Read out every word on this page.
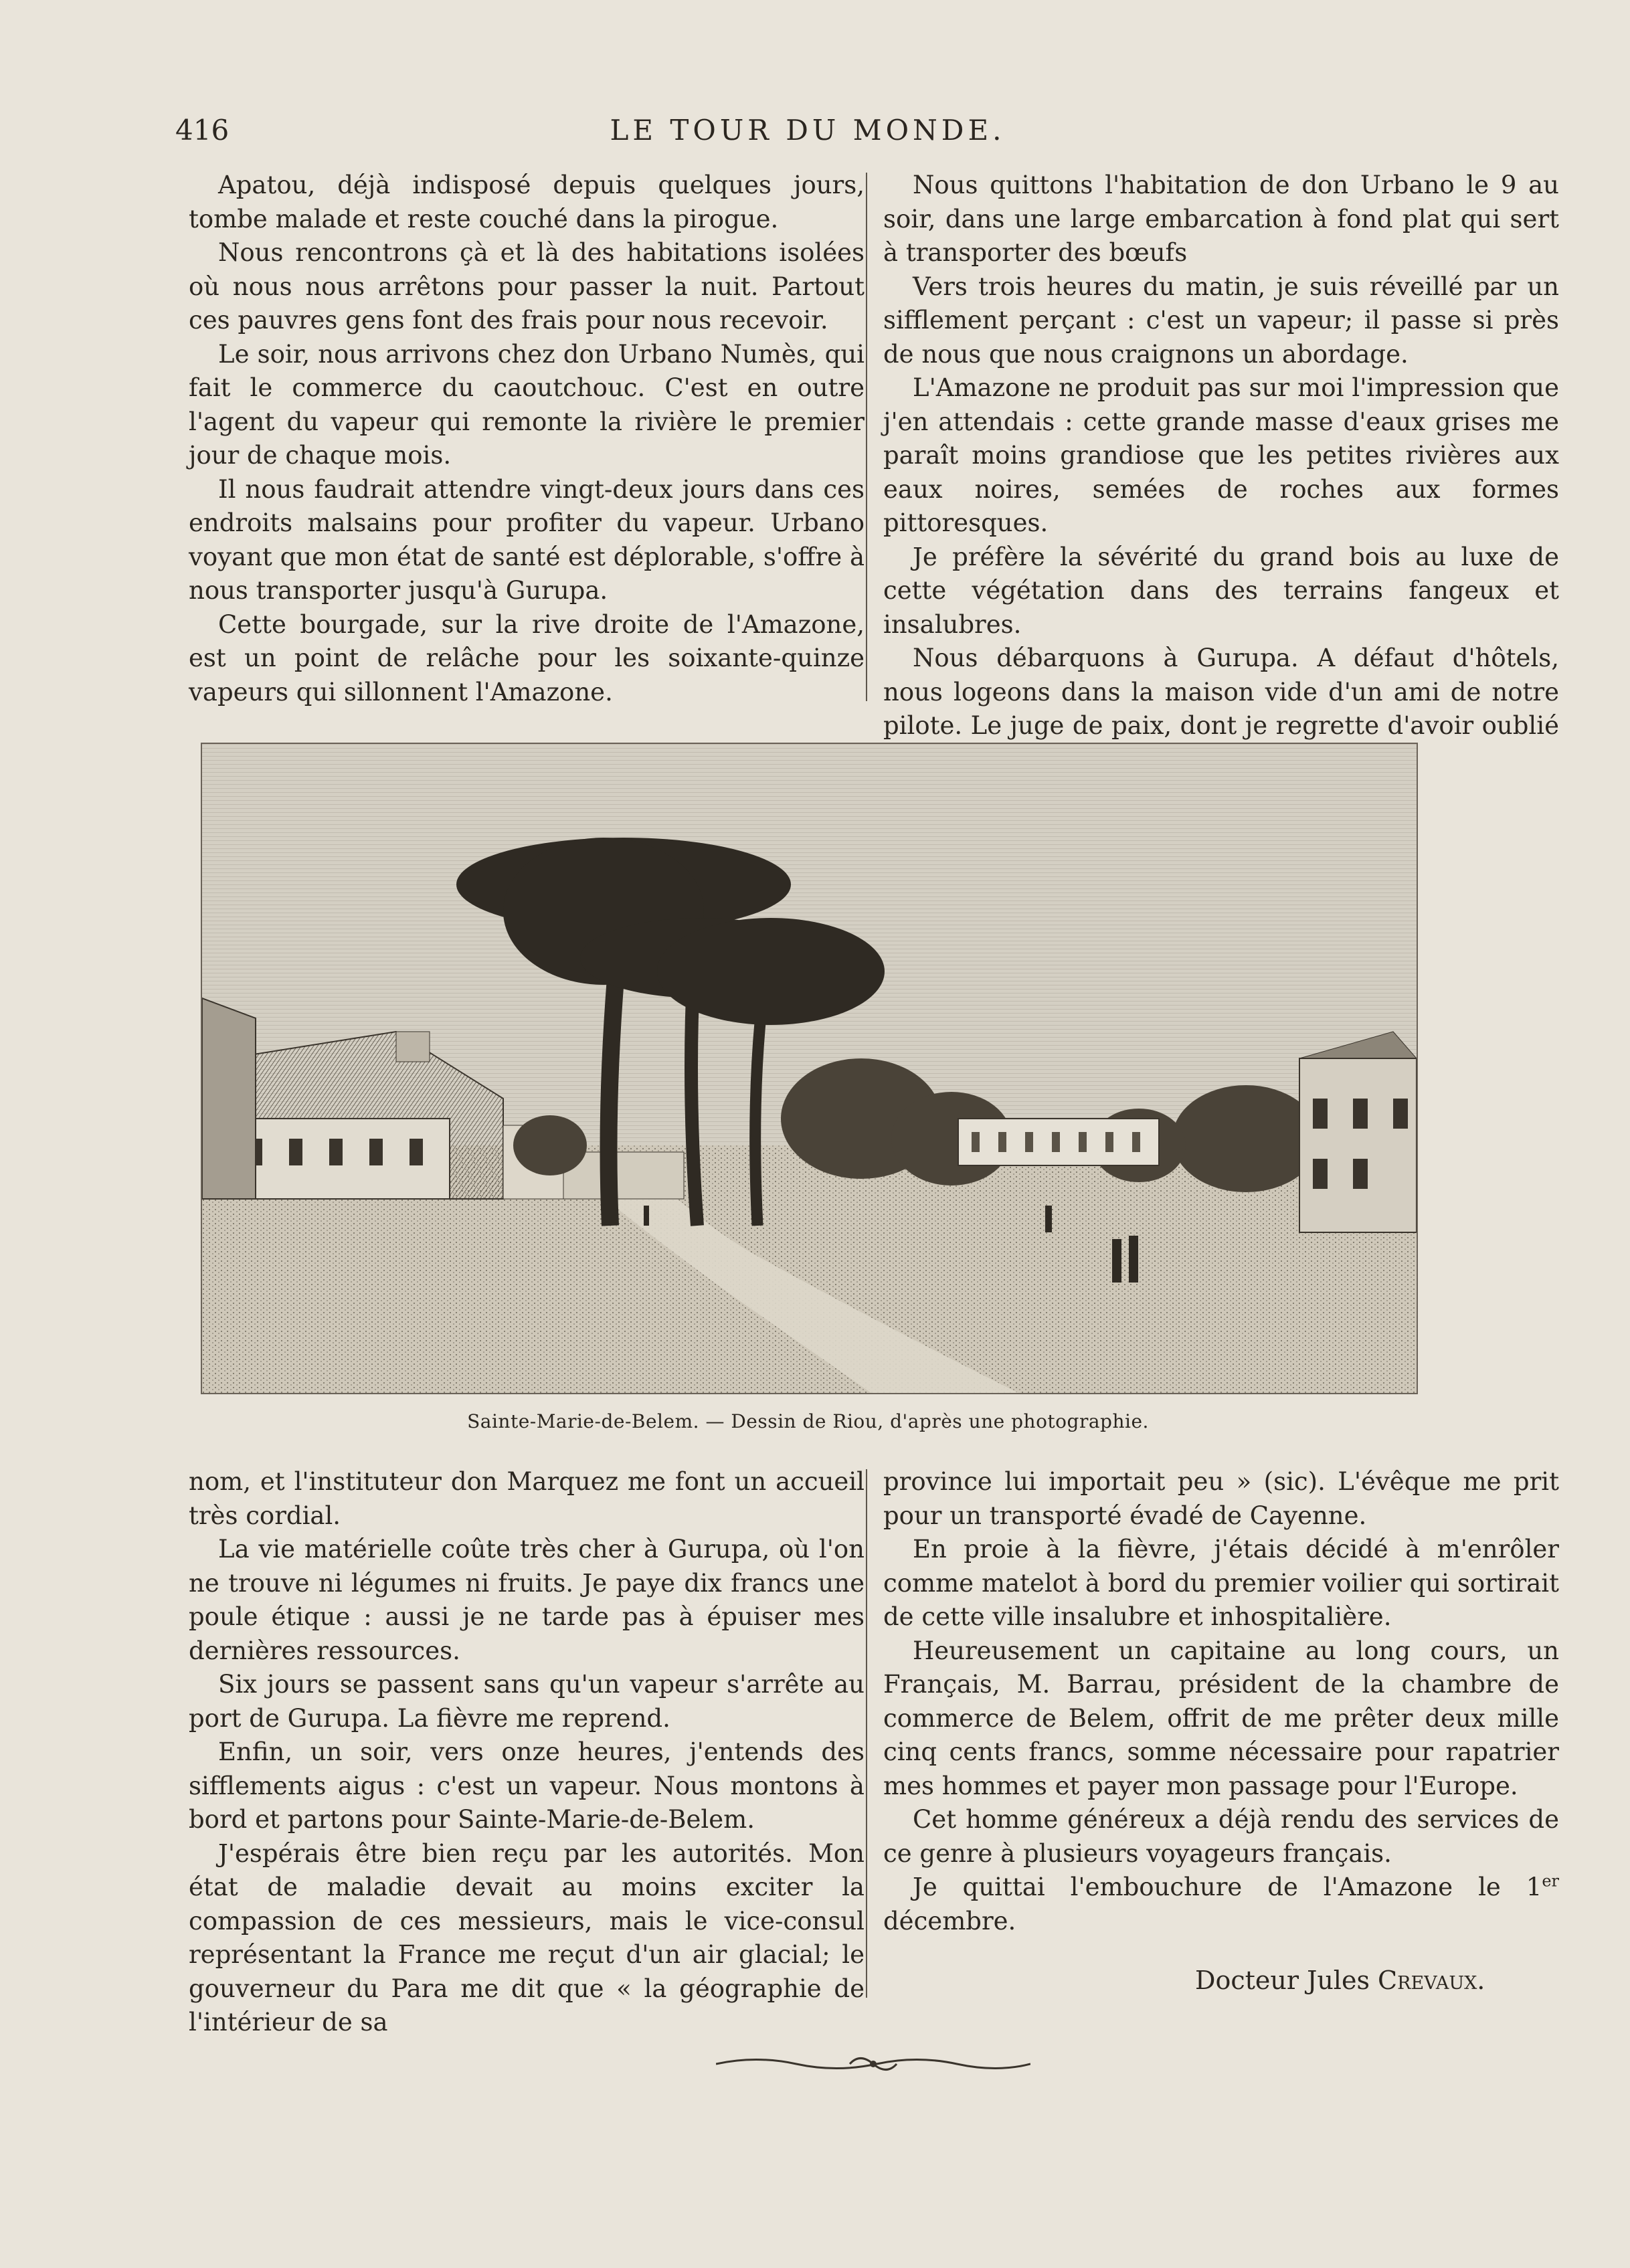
416	LE TOUR DU MONDE.

Apatou, déjà indisposé depuis quelques jours, tombe malade et reste couché dans la pirogue.

Nous rencontrons çà et là des habitations isolées où nous nous arrêtons pour passer la nuit. Partout ces pauvres gens font des frais pour nous recevoir.

Le soir, nous arrivons chez don Urbano Numès, qui fait le commerce du caoutchouc. C'est en outre l'agent du vapeur qui remonte la rivière le premier jour de chaque mois.

Il nous faudrait attendre vingt-deux jours dans ces endroits malsains pour profiter du vapeur. Urbano voyant que mon état de santé est déplorable, s'offre à nous transporter jusqu'à Gurupa.

Cette bourgade, sur la rive droite de l'Amazone, est un point de relâche pour les soixante-quinze vapeurs qui sillonnent l'Amazone.

Nous quittons l'habitation de don Urbano le 9 au soir, dans une large embarcation à fond plat qui sert à transporter des bœufs

Vers trois heures du matin, je suis réveillé par un sifflement perçant : c'est un vapeur; il passe si près de nous que nous craignons un abordage.

L'Amazone ne produit pas sur moi l'impression que j'en attendais : cette grande masse d'eaux grises me paraît moins grandiose que les petites rivières aux eaux noires, semées de roches aux formes pittoresques.

Je préfère la sévérité du grand bois au luxe de cette végétation dans des terrains fangeux et insalubres.

Nous débarquons à Gurupa. A défaut d'hôtels, nous logeons dans la maison vide d'un ami de notre pilote. Le juge de paix, dont je regrette d'avoir oublié

Sainte-Marie-de-Belem. — Dessin de Riou, d'après une photographie.

nom, et l'instituteur don Marquez me font un accueil très cordial.

La vie matérielle coûte très cher à Gurupa, où l'on ne trouve ni légumes ni fruits. Je paye dix francs une poule étique : aussi je ne tarde pas à épuiser mes dernières ressources.

Six jours se passent sans qu'un vapeur s'arrête au port de Gurupa. La fièvre me reprend.

Enfin, un soir, vers onze heures, j'entends des sifflements aigus : c'est un vapeur. Nous montons à bord et partons pour Sainte-Marie-de-Belem.

J'espérais être bien reçu par les autorités. Mon état de maladie devait au moins exciter la compassion de ces messieurs, mais le vice-consul représentant la France me reçut d'un air glacial; le gouverneur du Para me dit que « la géographie de l'intérieur de sa

province lui importait peu » (sic). L'évêque me prit pour un transporté évadé de Cayenne.

En proie à la fièvre, j'étais décidé à m'enrôler comme matelot à bord du premier voilier qui sortirait de cette ville insalubre et inhospitalière.

Heureusement un capitaine au long cours, un Français, M. Barrau, président de la chambre de commerce de Belem, offrit de me prêter deux mille cinq cents francs, somme nécessaire pour rapatrier mes hommes et payer mon passage pour l'Europe.

Cet homme généreux a déjà rendu des services de ce genre à plusieurs voyageurs français.

Je quittai l'embouchure de l'Amazone le 1er décembre.

Docteur Jules Crevaux.
